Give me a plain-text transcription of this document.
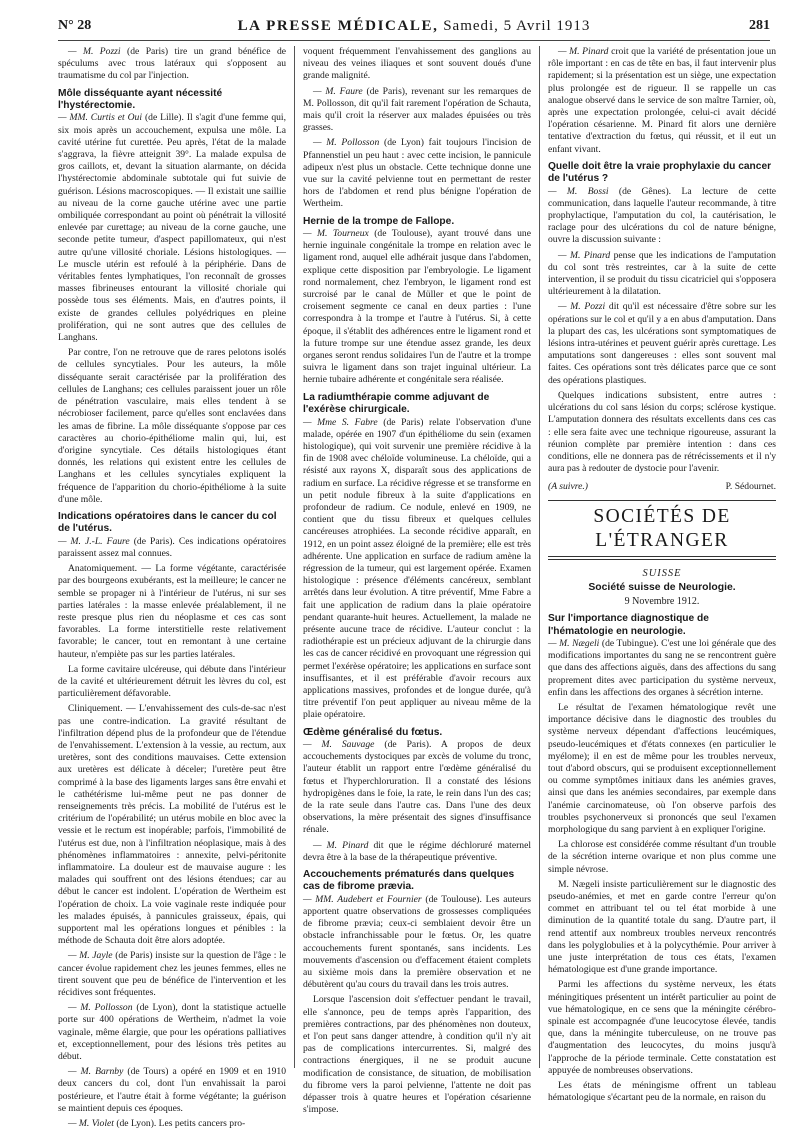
N° 28	LA PRESSE MÉDICALE, Samedi, 5 Avril 1913	281

— M. Pozzi (de Paris) tire un grand bénéfice de spéculums avec trous latéraux qui s'opposent au traumatisme du col par l'injection.

Môle disséquante ayant nécessité l'hystérectomie.

— MM. Curtis et Oui (de Lille). Il s'agit d'une femme qui, six mois après un accouchement, expulsa une môle. La cavité utérine fut curettée. Peu après, l'état de la malade s'aggrava, la fièvre atteignit 39°. La malade expulsa de gros caillots, et, devant la situation alarmante, on décida l'hystérectomie abdominale subtotale qui fut suivie de guérison. Lésions macroscopiques. — Il existait une saillie au niveau de la corne gauche utérine avec une partie ombiliquée correspondant au point où pénétrait la villosité enlevée par curettage; au niveau de la corne gauche, une seconde petite tumeur, d'aspect papillomateux, qui n'est autre qu'une villosité choriale. Lésions histologiques. — Le muscle utérin est refoulé à la périphérie. Dans de véritables fentes lymphatiques, l'on reconnaît de grosses masses fibrineuses entourant la villosité choriale qui possède tous ses éléments. Mais, en d'autres points, il existe de grandes cellules polyédriques en pleine prolifération, qui ne sont autres que des cellules de Langhans.

Par contre, l'on ne retrouve que de rares pelotons isolés de cellules syncytiales. Pour les auteurs, la môle disséquante serait caractérisée par la prolifération des cellules de Langhans; ces cellules paraissent jouer un rôle de pénétration vasculaire, mais elles tendent à se nécrobioser facilement, parce qu'elles sont enclavées dans les amas de fibrine. La môle disséquante s'oppose par ces caractères au chorio-épithéliome malin qui, lui, est d'origine syncytiale. Ces détails histologiques étant donnés, les relations qui existent entre les cellules de Langhans et les cellules syncytiales expliquent la fréquence de l'apparition du chorio-épithéliome à la suite d'une môle.

Indications opératoires dans le cancer du col de l'utérus.

— M. J.-L. Faure (de Paris). Ces indications opératoires paraissent assez mal connues.

Anatomiquement. — La forme végétante, caractérisée par des bourgeons exubérants, est la meilleure; le cancer ne semble se propager ni à l'intérieur de l'utérus, ni sur ses parties latérales : la masse enlevée préalablement, il ne reste presque plus rien du néoplasme et ces cas sont favorables. La forme interstitielle reste relativement favorable; le cancer, tout en remontant à une certaine hauteur, n'empiète pas sur les parties latérales.

La forme cavitaire ulcéreuse, qui débute dans l'intérieur de la cavité et ultérieurement détruit les lèvres du col, est particulièrement défavorable.

Cliniquement. — L'envahissement des culs-de-sac n'est pas une contre-indication. La gravité résultant de l'infiltration dépend plus de la profondeur que de l'étendue de l'envahissement. L'extension à la vessie, au rectum, aux uretères, sont des conditions mauvaises. Cette extension aux uretères est délicate à déceler; l'uretère peut être comprimé à la base des ligaments larges sans être envahi et le cathétérisme lui-même peut ne pas donner de renseignements très précis. La mobilité de l'utérus est le critérium de l'opérabilité; un utérus mobile en bloc avec la vessie et le rectum est inopérable; parfois, l'immobilité de l'utérus est due, non à l'infiltration néoplasique, mais à des phénomènes inflammatoires : annexite, pelvi-péritonite inflammatoire. La douleur est de mauvaise augure : les malades qui souffrent ont des lésions étendues; car au début le cancer est indolent. L'opération de Wertheim est l'opération de choix. La voie vaginale reste indiquée pour les malades épuisés, à pannicules graisseux, épais, qui supportent mal les opérations longues et pénibles : la méthode de Schauta doit être alors adoptée.

— M. Jayle (de Paris) insiste sur la question de l'âge : le cancer évolue rapidement chez les jeunes femmes, elles ne tirent souvent que peu de bénéfice de l'intervention et les récidives sont fréquentes.

— M. Pollosson (de Lyon), dont la statistique actuelle porte sur 400 opérations de Wertheim, n'admet la voie vaginale, même élargie, que pour les opérations palliatives et, exceptionnellement, pour des lésions très petites au début.

— M. Barnby (de Tours) a opéré en 1909 et en 1910 deux cancers du col, dont l'un envahissait la paroi postérieure, et l'autre était à forme végétante; la guérison se maintient depuis ces époques.

— M. Violet (de Lyon). Les petits cancers pro-

voquent fréquemment l'envahissement des ganglions au niveau des veines iliaques et sont souvent doués d'une grande malignité.

— M. Faure (de Paris), revenant sur les remarques de M. Pollosson, dit qu'il fait rarement l'opération de Schauta, mais qu'il croit la réserver aux malades épuisées ou très grasses.

— M. Pollosson (de Lyon) fait toujours l'incision de Pfannenstiel un peu haut : avec cette incision, le pannicule adipeux n'est plus un obstacle. Cette technique donne une vue sur la cavité pelvienne tout en permettant de rester hors de l'abdomen et rend plus bénigne l'opération de Wertheim.

Hernie de la trompe de Fallope.

— M. Tourneux (de Toulouse), ayant trouvé dans une hernie inguinale congénitale la trompe en relation avec le ligament rond, auquel elle adhérait jusque dans l'abdomen, explique cette disposition par l'embryologie. Le ligament rond normalement, chez l'embryon, le ligament rond est surcroisé par le canal de Müller et que le point de croisement segmente ce canal en deux parties : l'une correspondra à la trompe et l'autre à l'utérus. Si, à cette époque, il s'établit des adhérences entre le ligament rond et la future trompe sur une étendue assez grande, les deux organes seront rendus solidaires l'un de l'autre et la trompe suivra le ligament dans son trajet inguinal ultérieur. La hernie tubaire adhérente et congénitale sera réalisée.

La radiumthérapie comme adjuvant de l'exérèse chirurgicale.

— Mme S. Fabre (de Paris) relate l'observation d'une malade, opérée en 1907 d'un épithéliome du sein (examen histologique), qui voit survenir une première récidive à la fin de 1908 avec chéloïde volumineuse. La chéloïde, qui a résisté aux rayons X, disparaît sous des applications de radium en surface. La récidive régresse et se transforme en un petit nodule fibreux à la suite d'applications en profondeur de radium. Ce nodule, enlevé en 1909, ne contient que du tissu fibreux et quelques cellules cancéreuses atrophiées. La seconde récidive apparaît, en 1912, en un point assez éloigné de la première; elle est très adhérente. Une application en surface de radium amène la régression de la tumeur, qui est largement opérée. Examen histologique : présence d'éléments cancéreux, semblant arrêtés dans leur évolution. A titre préventif, Mme Fabre a fait une application de radium dans la plaie opératoire pendant quarante-huit heures. Actuellement, la malade ne présente aucune trace de récidive. L'auteur conclut : la radiothérapie est un précieux adjuvant de la chirurgie dans les cas de cancer récidivé en provoquant une régression qui permet l'exérèse opératoire; les applications en surface sont insuffisantes, et il est préférable d'avoir recours aux applications massives, profondes et de longue durée, qu'à titre préventif l'on peut appliquer au niveau même de la plaie opératoire.

Œdème généralisé du fœtus.

— M. Sauvage (de Paris). A propos de deux accouchements dystociques par excès de volume du tronc, l'auteur établit un rapport entre l'œdème généralisé du fœtus et l'hyperchloruration. Il a constaté des lésions hydropigènes dans le foie, la rate, le rein dans l'un des cas; de la rate seule dans l'autre cas. Dans l'une des deux observations, la mère présentait des signes d'insuffisance rénale.

— M. Pinard dit que le régime déchloruré maternel devra être à la base de la thérapeutique préventive.

Accouchements prématurés dans quelques cas de fibrome prævia.

— MM. Audebert et Fournier (de Toulouse). Les auteurs apportent quatre observations de grossesses compliquées de fibrome prævia; ceux-ci semblaient devoir être un obstacle infranchissable pour le fœtus. Or, les quatre accouchements furent spontanés, sans incidents. Les mouvements d'ascension ou d'effacement étaient complets au sixième mois dans la première observation et ne débutèrent qu'au cours du travail dans les trois autres.

Lorsque l'ascension doit s'effectuer pendant le travail, elle s'annonce, peu de temps après l'apparition, des premières contractions, par des phénomènes non douteux, et l'on peut sans danger attendre, à condition qu'il n'y ait pas de complications intercurrentes. Si, malgré des contractions énergiques, il ne se produit aucune modification de consistance, de situation, de mobilisation du fibrome vers la paroi pelvienne, l'attente ne doit pas dépasser trois à quatre heures et l'opération césarienne s'impose.

— M. Pinard croit que la variété de présentation joue un rôle important : en cas de tête en bas, il faut intervenir plus rapidement; si la présentation est un siège, une expectation plus prolongée est de rigueur. Il se rappelle un cas analogue observé dans le service de son maître Tarnier, où, après une expectation prolongée, celui-ci avait décidé l'opération césarienne. M. Pinard fit alors une dernière tentative d'extraction du fœtus, qui réussit, et il eut un enfant vivant.

Quelle doit être la vraie prophylaxie du cancer de l'utérus ?

— M. Bossi (de Gênes). La lecture de cette communication, dans laquelle l'auteur recommande, à titre prophylactique, l'amputation du col, la cautérisation, le raclage pour des ulcérations du col de nature bénigne, ouvre la discussion suivante :

— M. Pinard pense que les indications de l'amputation du col sont très restreintes, car à la suite de cette intervention, il se produit du tissu cicatriciel qui s'opposera ultérieurement à la dilatation.

— M. Pozzi dit qu'il est nécessaire d'être sobre sur les opérations sur le col et qu'il y a en abus d'amputation. Dans la plupart des cas, les ulcérations sont symptomatiques de lésions intra-utérines et peuvent guérir après curettage. Les amputations sont dangereuses : elles sont souvent mal faites. Ces opérations sont très délicates parce que ce sont des opérations plastiques.

Quelques indications subsistent, entre autres : ulcérations du col sans lésion du corps; sclérose kystique. L'amputation donnera des résultats excellents dans ces cas : elle sera faite avec une technique rigoureuse, assurant la réunion complète par première intention : dans ces conditions, elle ne donnera pas de rétrécissements et il n'y aura pas à redouter de dystocie pour l'avenir.

(A suivre.)	P. Sédournet.
SOCIÉTÉS DE L'ÉTRANGER
SUISSE
Société suisse de Neurologie.
9 Novembre 1912.
Sur l'importance diagnostique de l'hématologie en neurologie.

— M. Nægeli (de Tubingue). C'est une loi générale que des modifications importantes du sang ne se rencontrent guère que dans des affections aiguës, dans des affections du sang proprement dites avec participation du système nerveux, enfin dans les affections des organes à sécrétion interne.

Le résultat de l'examen hématologique revêt une importance décisive dans le diagnostic des troubles du système nerveux dépendant d'affections leucémiques, pseudo-leucémiques et d'états connexes (en particulier le myélome); il en est de même pour les troubles nerveux, tout d'abord obscurs, qui se produisent exceptionnellement ou comme symptômes initiaux dans les anémies graves, ainsi que dans les anémies secondaires, par exemple dans l'anémie carcinomateuse, où l'on observe parfois des troubles psychonerveux si prononcés que seul l'examen morphologique du sang parvient à en expliquer l'origine.

La chlorose est considérée comme résultant d'un trouble de la sécrétion interne ovarique et non plus comme une simple névrose.

M. Nægeli insiste particulièrement sur le diagnostic des pseudo-anémies, et met en garde contre l'erreur qu'on commet en attribuant tel ou tel état morbide à une diminution de la quantité totale du sang. D'autre part, il rend attentif aux nombreux troubles nerveux rencontrés dans les polyglobulies et à la polycythémie. Pour arriver à une juste interprétation de tous ces états, l'examen hématologique est d'une grande importance.

Parmi les affections du système nerveux, les états méningitiques présentent un intérêt particulier au point de vue hématologique, en ce sens que la méningite cérébro-spinale est accompagnée d'une leucocytose élevée, tandis que, dans la méningite tuberculeuse, on ne trouve pas d'augmentation des leucocytes, du moins jusqu'à l'approche de la période terminale. Cette constatation est appuyée de nombreuses observations.

Les états de méningisme offrent un tableau hématologique s'écartant peu de la normale, en raison du
